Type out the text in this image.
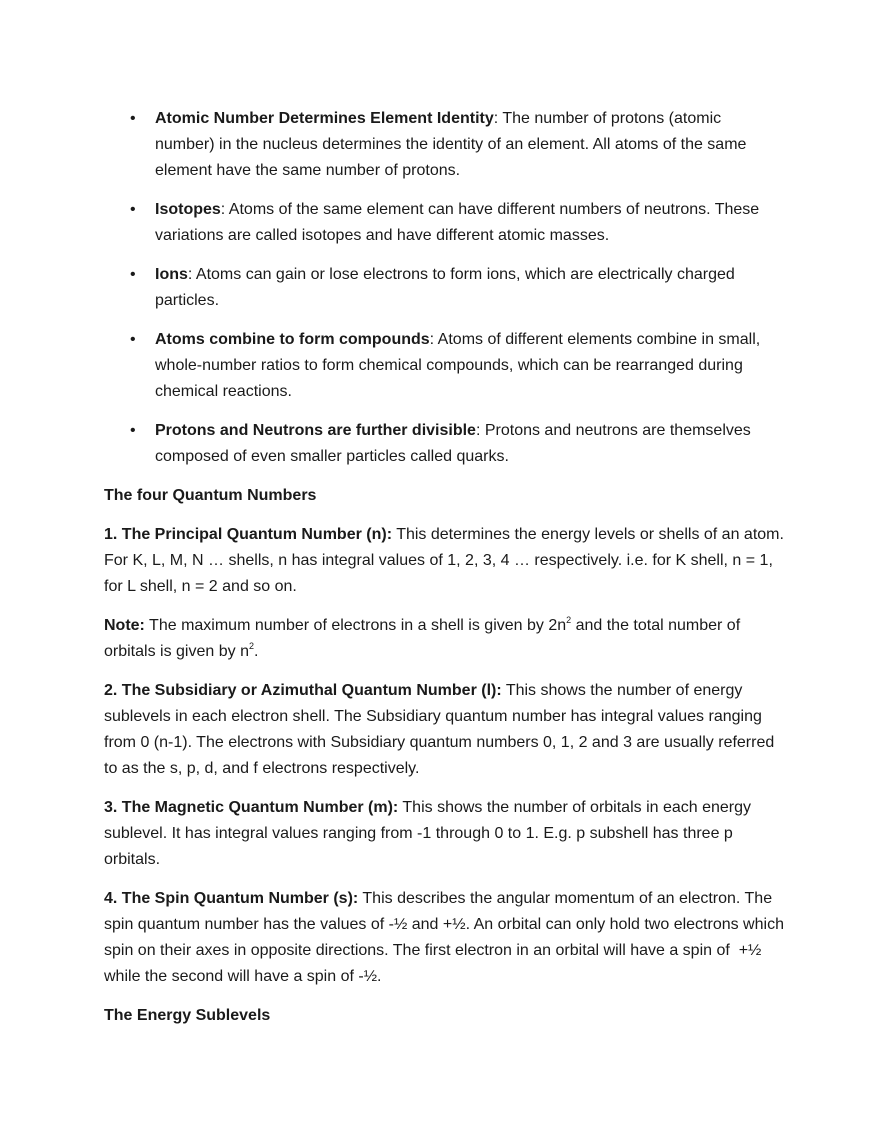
• Atomic Number Determines Element Identity: The number of protons (atomic number) in the nucleus determines the identity of an element. All atoms of the same element have the same number of protons.
• Isotopes: Atoms of the same element can have different numbers of neutrons. These variations are called isotopes and have different atomic masses.
• Ions: Atoms can gain or lose electrons to form ions, which are electrically charged particles.
• Atoms combine to form compounds: Atoms of different elements combine in small, whole-number ratios to form chemical compounds, which can be rearranged during chemical reactions.
• Protons and Neutrons are further divisible: Protons and neutrons are themselves composed of even smaller particles called quarks.
The four Quantum Numbers

1. The Principal Quantum Number (n): This determines the energy levels or shells of an atom. For K, L, M, N … shells, n has integral values of 1, 2, 3, 4 … respectively. i.e. for K shell, n = 1, for L shell, n = 2 and so on.

Note: The maximum number of electrons in a shell is given by $2n^2$ and the total number of orbitals is given by $n^2$.

2. The Subsidiary or Azimuthal Quantum Number (l): This shows the number of energy sublevels in each electron shell. The Subsidiary quantum number has integral values ranging from 0 (n-1). The electrons with Subsidiary quantum numbers 0, 1, 2 and 3 are usually referred to as the s, p, d, and f electrons respectively.

3. The Magnetic Quantum Number (m): This shows the number of orbitals in each energy sublevel. It has integral values ranging from -1 through 0 to 1. E.g. p subshell has three p orbitals.

4. The Spin Quantum Number (s): This describes the angular momentum of an electron. The spin quantum number has the values of -½ and +½. An orbital can only hold two electrons which spin on their axes in opposite directions. The first electron in an orbital will have a spin of  +½ while the second will have a spin of -½.

The Energy Sublevels
